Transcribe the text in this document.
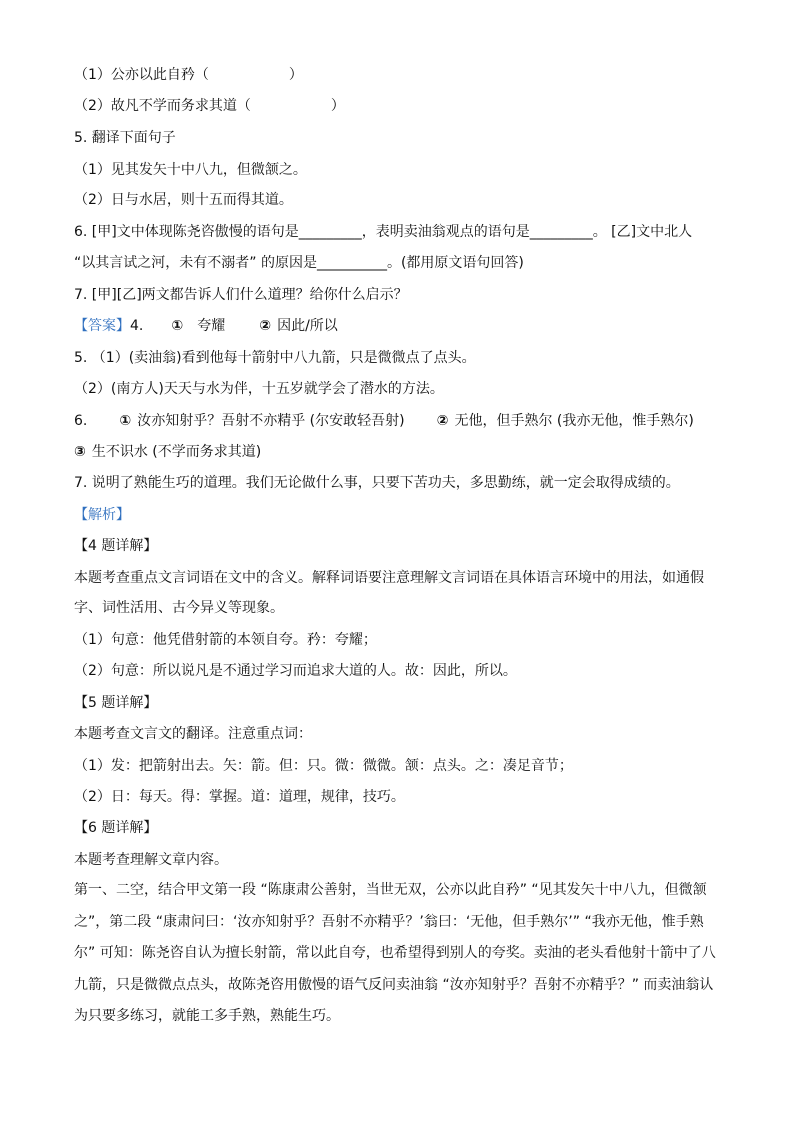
（1）公亦以此自矜（	）
（2）故凡不学而务求其道（	）
5. 翻译下面句子
（1）见其发矢十中八九，但微颔之。
（2）日与水居，则十五而得其道。
6. [甲]文中体现陈尧咨傲慢的语句是_________，表明卖油翁观点的语句是_________。 [乙]文中北人
“以其言试之河，未有不溺者” 的原因是__________。(都用原文语句回答)
7. [甲][乙]两文都告诉人们什么道理？给你什么启示？
【答案】4. ① 夸耀 ② 因此/所以
5. （1）(卖油翁)看到他每十箭射中八九箭，只是微微点了点头。
（2）(南方人)天天与水为伴，十五岁就学会了潜水的方法。
6. ① 汝亦知射乎？吾射不亦精乎 (尔安敢轻吾射) ② 无他，但手熟尔 (我亦无他，惟手熟尔)
③ 生不识水 (不学而务求其道)
7. 说明了熟能生巧的道理。我们无论做什么事，只要下苦功夫，多思勤练，就一定会取得成绩的。
【解析】
【4 题详解】
本题考查重点文言词语在文中的含义。解释词语要注意理解文言词语在具体语言环境中的用法，如通假
字、词性活用、古今异义等现象。
（1）句意：他凭借射箭的本领自夸。矜：夸耀；
（2）句意：所以说凡是不通过学习而追求大道的人。故：因此，所以。
【5 题详解】
本题考查文言文的翻译。注意重点词：
（1）发：把箭射出去。矢：箭。但：只。微：微微。颔：点头。之：凑足音节；
（2）日：每天。得：掌握。道：道理，规律，技巧。
【6 题详解】
本题考查理解文章内容。
第一、二空，结合甲文第一段 “陈康肃公善射，当世无双，公亦以此自矜” “见其发矢十中八九，但微颔之”，第二段 “康肃问曰：‘汝亦知射乎？吾射不亦精乎？’翁曰：‘无他，但手熟尔’” “我亦无他，惟手熟尔” 可知：陈尧咨自认为擅长射箭，常以此自夸，也希望得到别人的夸奖。卖油的老头看他射十箭中了八九箭，只是微微点点头，故陈尧咨用傲慢的语气反问卖油翁 “汝亦知射乎？吾射不亦精乎？” 而卖油翁认为只要多练习，就能工多手熟，熟能生巧。
